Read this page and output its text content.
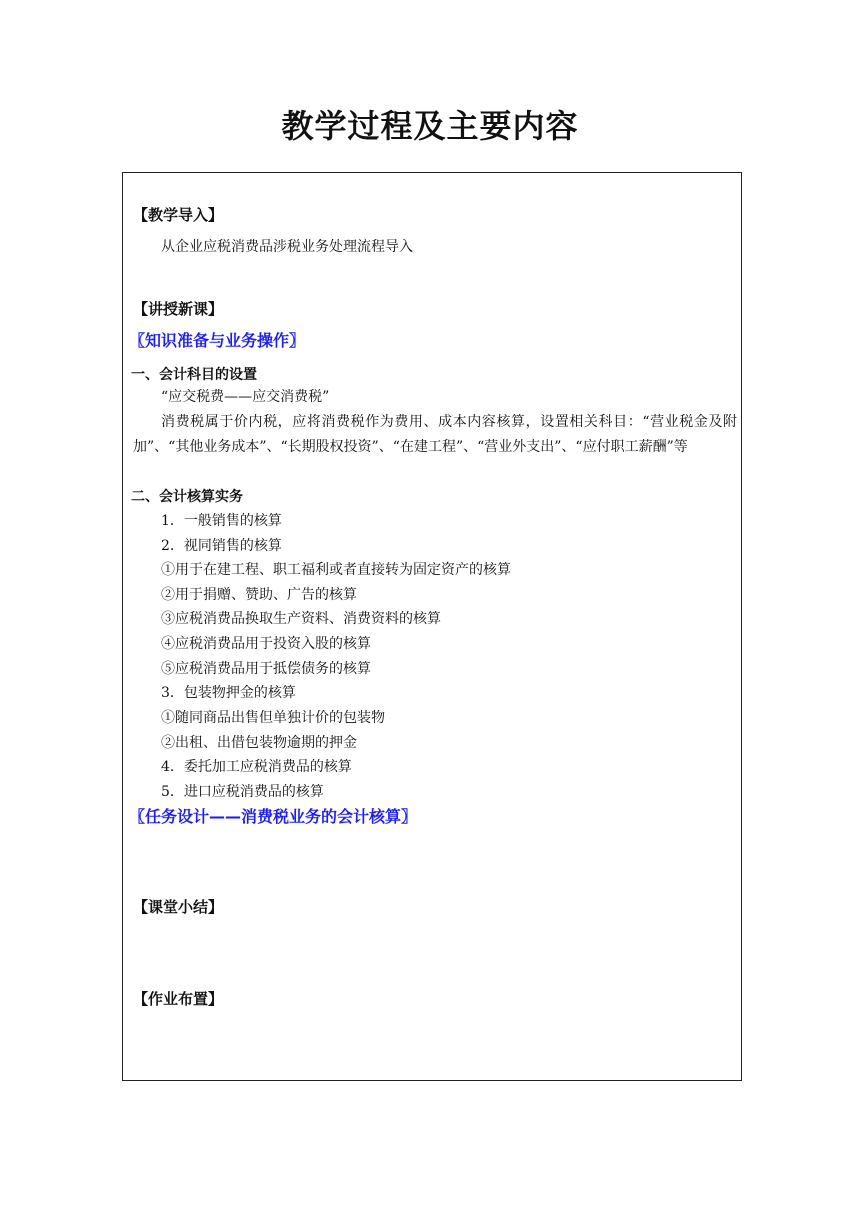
教学过程及主要内容
【教学导入】
从企业应税消费品涉税业务处理流程导入
【讲授新课】
〖知识准备与业务操作〗
一、会计科目的设置
“应交税费——应交消费税”
消费税属于价内税，应将消费税作为费用、成本内容核算，设置相关科目：“营业税金及附加”、“其他业务成本”、“长期股权投资”、“在建工程”、“营业外支出”、“应付职工薪酬”等
二、会计核算实务
1．一般销售的核算
2．视同销售的核算
①用于在建工程、职工福利或者直接转为固定资产的核算
②用于捐赠、赞助、广告的核算
③应税消费品换取生产资料、消费资料的核算
④应税消费品用于投资入股的核算
⑤应税消费品用于抵偿债务的核算
3．包装物押金的核算
①随同商品出售但单独计价的包装物
②出租、出借包装物逾期的押金
4．委托加工应税消费品的核算
5．进口应税消费品的核算
〖任务设计——消费税业务的会计核算〗
【课堂小结】
【作业布置】
